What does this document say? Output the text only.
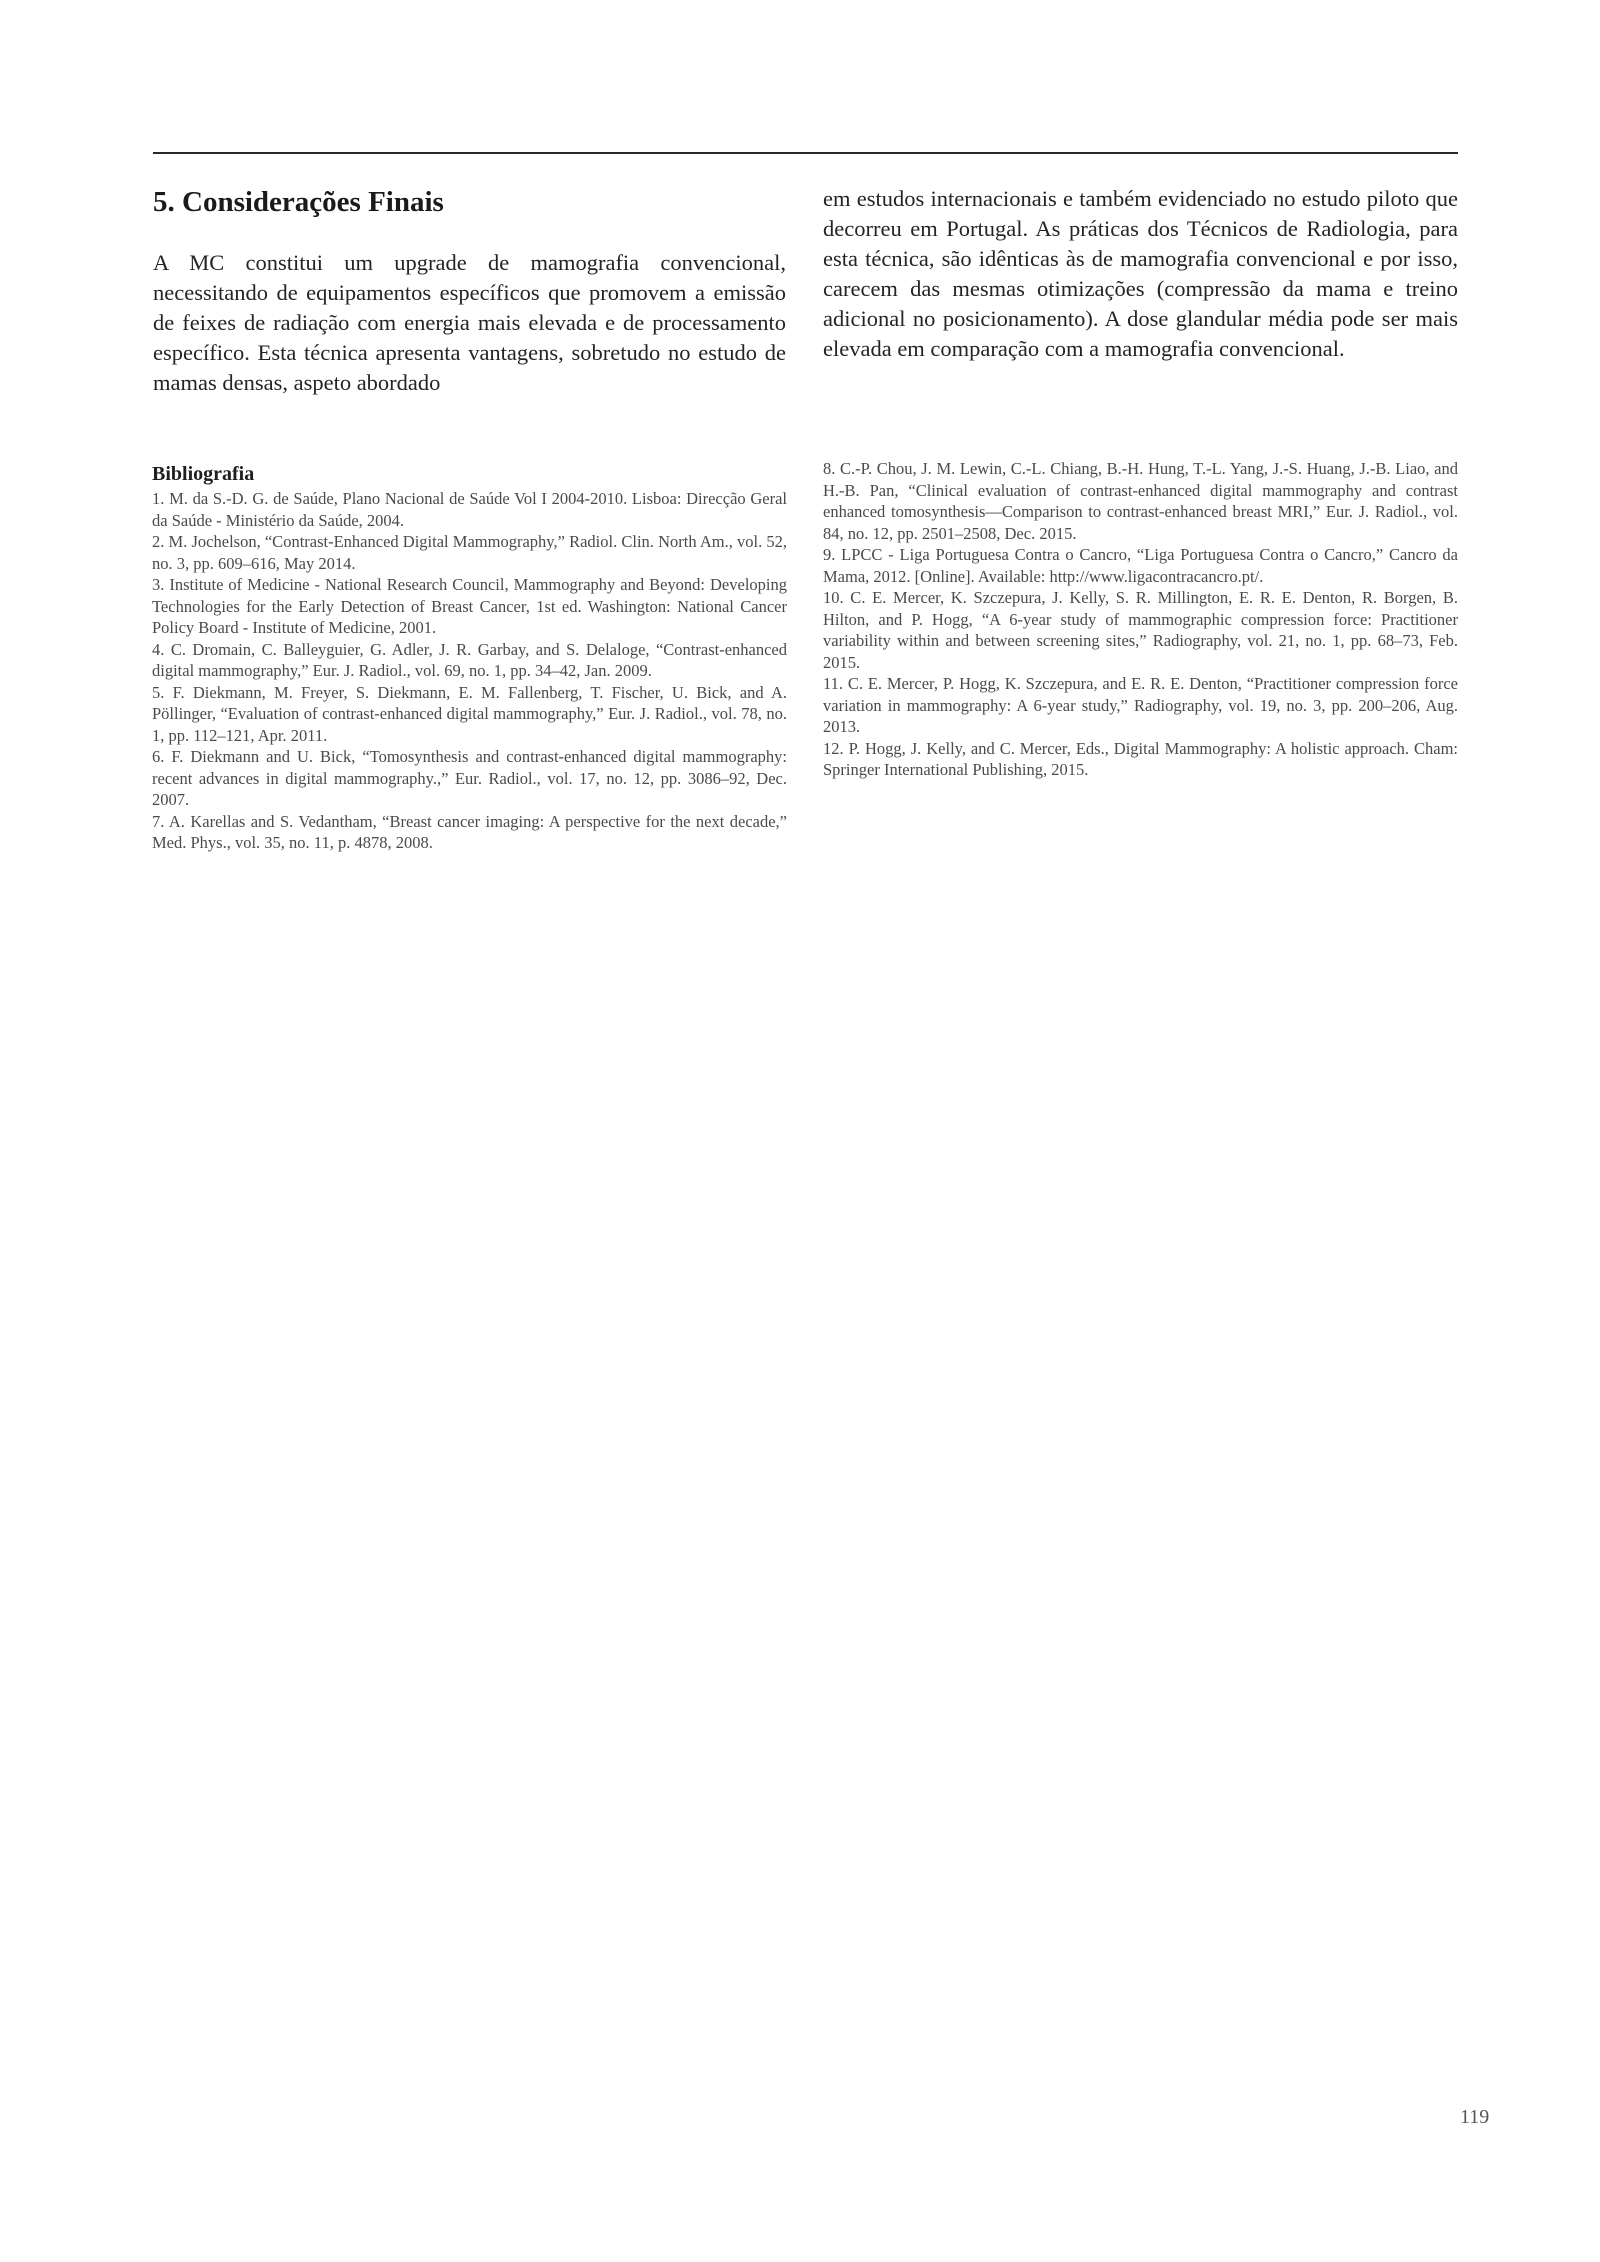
5. Considerações Finais

A MC constitui um upgrade de mamografia convencional, necessitando de equipamentos específicos que promovem a emissão de feixes de radiação com energia mais elevada e de processamento específico. Esta técnica apresenta vantagens, sobretudo no estudo de mamas densas, aspeto abordado

em estudos internacionais e também evidenciado no estudo piloto que decorreu em Portugal. As práticas dos Técnicos de Radiologia, para esta técnica, são idênticas às de mamografia convencional e por isso, carecem das mesmas otimizações (compressão da mama e treino adicional no posicionamento). A dose glandular média pode ser mais elevada em comparação com a mamografia convencional.

Bibliografia
1. M. da S.-D. G. de Saúde, Plano Nacional de Saúde Vol I 2004-2010. Lisboa: Direcção Geral da Saúde - Ministério da Saúde, 2004.
2. M. Jochelson, “Contrast-Enhanced Digital Mammography,” Radiol. Clin. North Am., vol. 52, no. 3, pp. 609–616, May 2014.
3. Institute of Medicine - National Research Council, Mammography and Beyond: Developing Technologies for the Early Detection of Breast Cancer, 1st ed. Washington: National Cancer Policy Board - Institute of Medicine, 2001.
4. C. Dromain, C. Balleyguier, G. Adler, J. R. Garbay, and S. Delaloge, “Contrast-enhanced digital mammography,” Eur. J. Radiol., vol. 69, no. 1, pp. 34–42, Jan. 2009.
5. F. Diekmann, M. Freyer, S. Diekmann, E. M. Fallenberg, T. Fischer, U. Bick, and A. Pöllinger, “Evaluation of contrast-enhanced digital mammography,” Eur. J. Radiol., vol. 78, no. 1, pp. 112–121, Apr. 2011.
6. F. Diekmann and U. Bick, “Tomosynthesis and contrast-enhanced digital mammography: recent advances in digital mammography.,” Eur. Radiol., vol. 17, no. 12, pp. 3086–92, Dec. 2007.
7. A. Karellas and S. Vedantham, “Breast cancer imaging: A perspective for the next decade,” Med. Phys., vol. 35, no. 11, p. 4878, 2008.
8. C.-P. Chou, J. M. Lewin, C.-L. Chiang, B.-H. Hung, T.-L. Yang, J.-S. Huang, J.-B. Liao, and H.-B. Pan, “Clinical evaluation of contrast-enhanced digital mammography and contrast enhanced tomosynthesis—Comparison to contrast-enhanced breast MRI,” Eur. J. Radiol., vol. 84, no. 12, pp. 2501–2508, Dec. 2015.
9. LPCC - Liga Portuguesa Contra o Cancro, “Liga Portuguesa Contra o Cancro,” Cancro da Mama, 2012. [Online]. Available: http://www.ligacontracancro.pt/.
10. C. E. Mercer, K. Szczepura, J. Kelly, S. R. Millington, E. R. E. Denton, R. Borgen, B. Hilton, and P. Hogg, “A 6-year study of mammographic compression force: Practitioner variability within and between screening sites,” Radiography, vol. 21, no. 1, pp. 68–73, Feb. 2015.
11. C. E. Mercer, P. Hogg, K. Szczepura, and E. R. E. Denton, “Practitioner compression force variation in mammography: A 6-year study,” Radiography, vol. 19, no. 3, pp. 200–206, Aug. 2013.
12. P. Hogg, J. Kelly, and C. Mercer, Eds., Digital Mammography: A holistic approach. Cham: Springer International Publishing, 2015.
119
